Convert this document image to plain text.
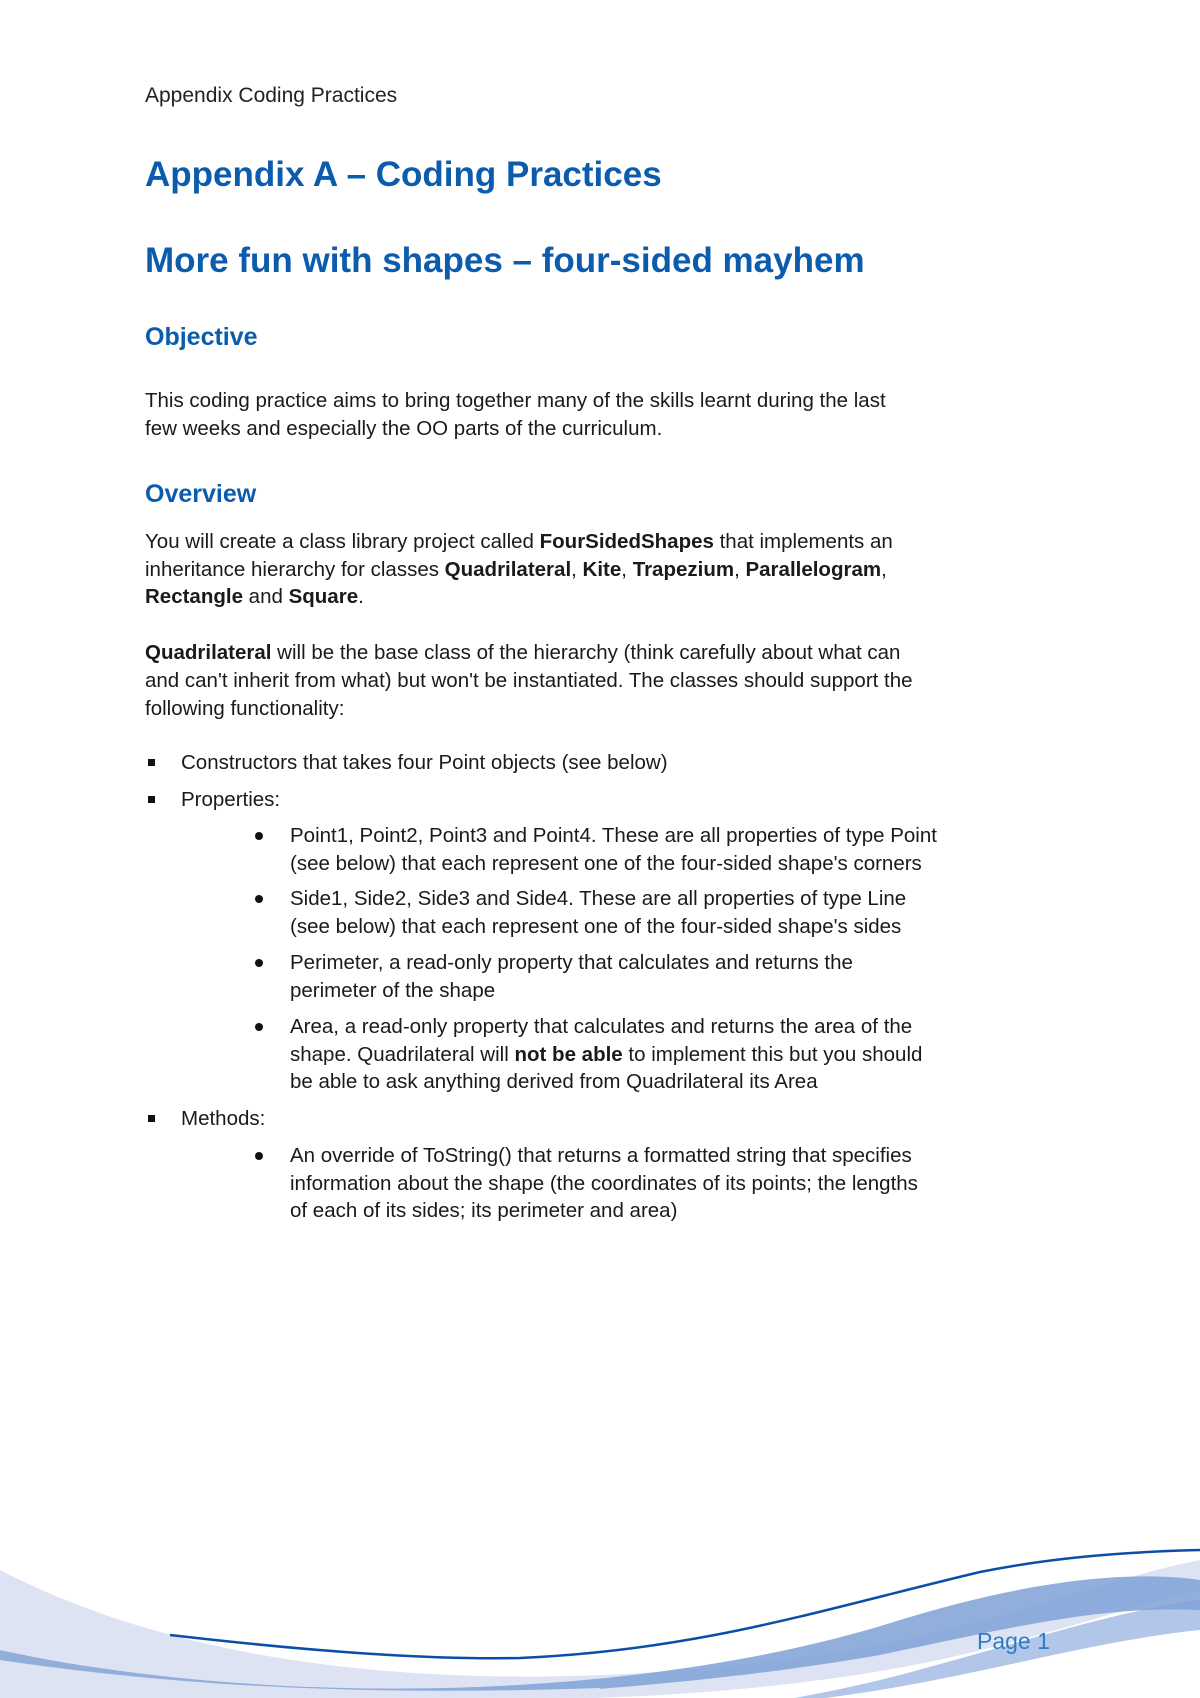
Appendix Coding Practices
Appendix A – Coding Practices
More fun with shapes – four-sided mayhem
Objective
Overview
This coding practice aims to bring together many of the skills learnt during the last
few weeks and especially the OO parts of the curriculum.
You will create a class library project called FourSidedShapes that implements an
inheritance hierarchy for classes Quadrilateral, Kite, Trapezium, Parallelogram,
Rectangle and Square.
Quadrilateral will be the base class of the hierarchy (think carefully about what can
and can't inherit from what) but won't be instantiated. The classes should support the
following functionality:
Constructors that takes four Point objects (see below)
Properties:
Point1, Point2, Point3 and Point4. These are all properties of type Point
(see below) that each represent one of the four-sided shape's corners
Side1, Side2, Side3 and Side4. These are all properties of type Line
(see below) that each represent one of the four-sided shape's sides
Perimeter, a read-only property that calculates and returns the
perimeter of the shape
Area, a read-only property that calculates and returns the area of the
shape. Quadrilateral will not be able to implement this but you should
be able to ask anything derived from Quadrilateral its Area
Methods:
An override of ToString() that returns a formatted string that specifies
information about the shape (the coordinates of its points; the lengths
of each of its sides; its perimeter and area)
Page 1
